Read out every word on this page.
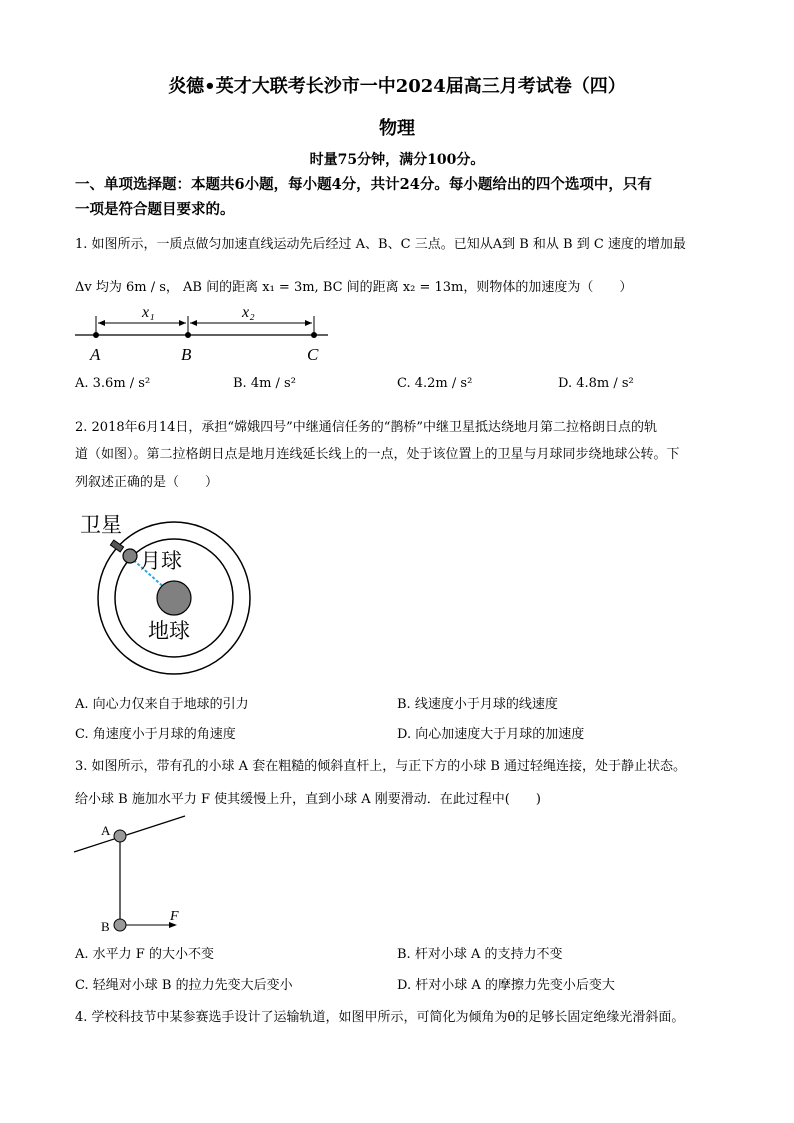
炎德•英才大联考长沙市一中2024届高三月考试卷（四）
物理
时量75分钟，满分100分。
一、单项选择题：本题共6小题，每小题4分，共计24分。每小题给出的四个选项中，只有
一项是符合题目要求的。
1. 如图所示，一质点做匀加速直线运动先后经过 A、B、C 三点。已知从A到 B 和从 B 到 C 速度的增加最
Δv 均为 6m / s， AB 间的距离 x₁ = 3m, BC 间的距离 x₂ = 13m，则物体的加速度为（　　）
x₁	x₂
A	B	C
A. 3.6m / s²	B. 4m / s²	C. 4.2m / s²	D. 4.8m / s²
2. 2018年6月14日，承担“嫦娥四号”中继通信任务的“鹊桥”中继卫星抵达绕地月第二拉格朗日点的轨
道（如图）。第二拉格朗日点是地月连线延长线上的一点，处于该位置上的卫星与月球同步绕地球公转。下
列叙述正确的是（　　）
卫星
月球
地球
A. 向心力仅来自于地球的引力	B. 线速度小于月球的线速度
C. 角速度小于月球的角速度	D. 向心加速度大于月球的加速度
3. 如图所示，带有孔的小球 A 套在粗糙的倾斜直杆上，与正下方的小球 B 通过轻绳连接，处于静止状态。
给小球 B 施加水平力 F 使其缓慢上升，直到小球 A 刚要滑动．在此过程中(　　)
A
B
F
A. 水平力 F 的大小不变	B. 杆对小球 A 的支持力不变
C. 轻绳对小球 B 的拉力先变大后变小	D. 杆对小球 A 的摩擦力先变小后变大
4. 学校科技节中某参赛选手设计了运输轨道，如图甲所示，可简化为倾角为θ的足够长固定绝缘光滑斜面。
